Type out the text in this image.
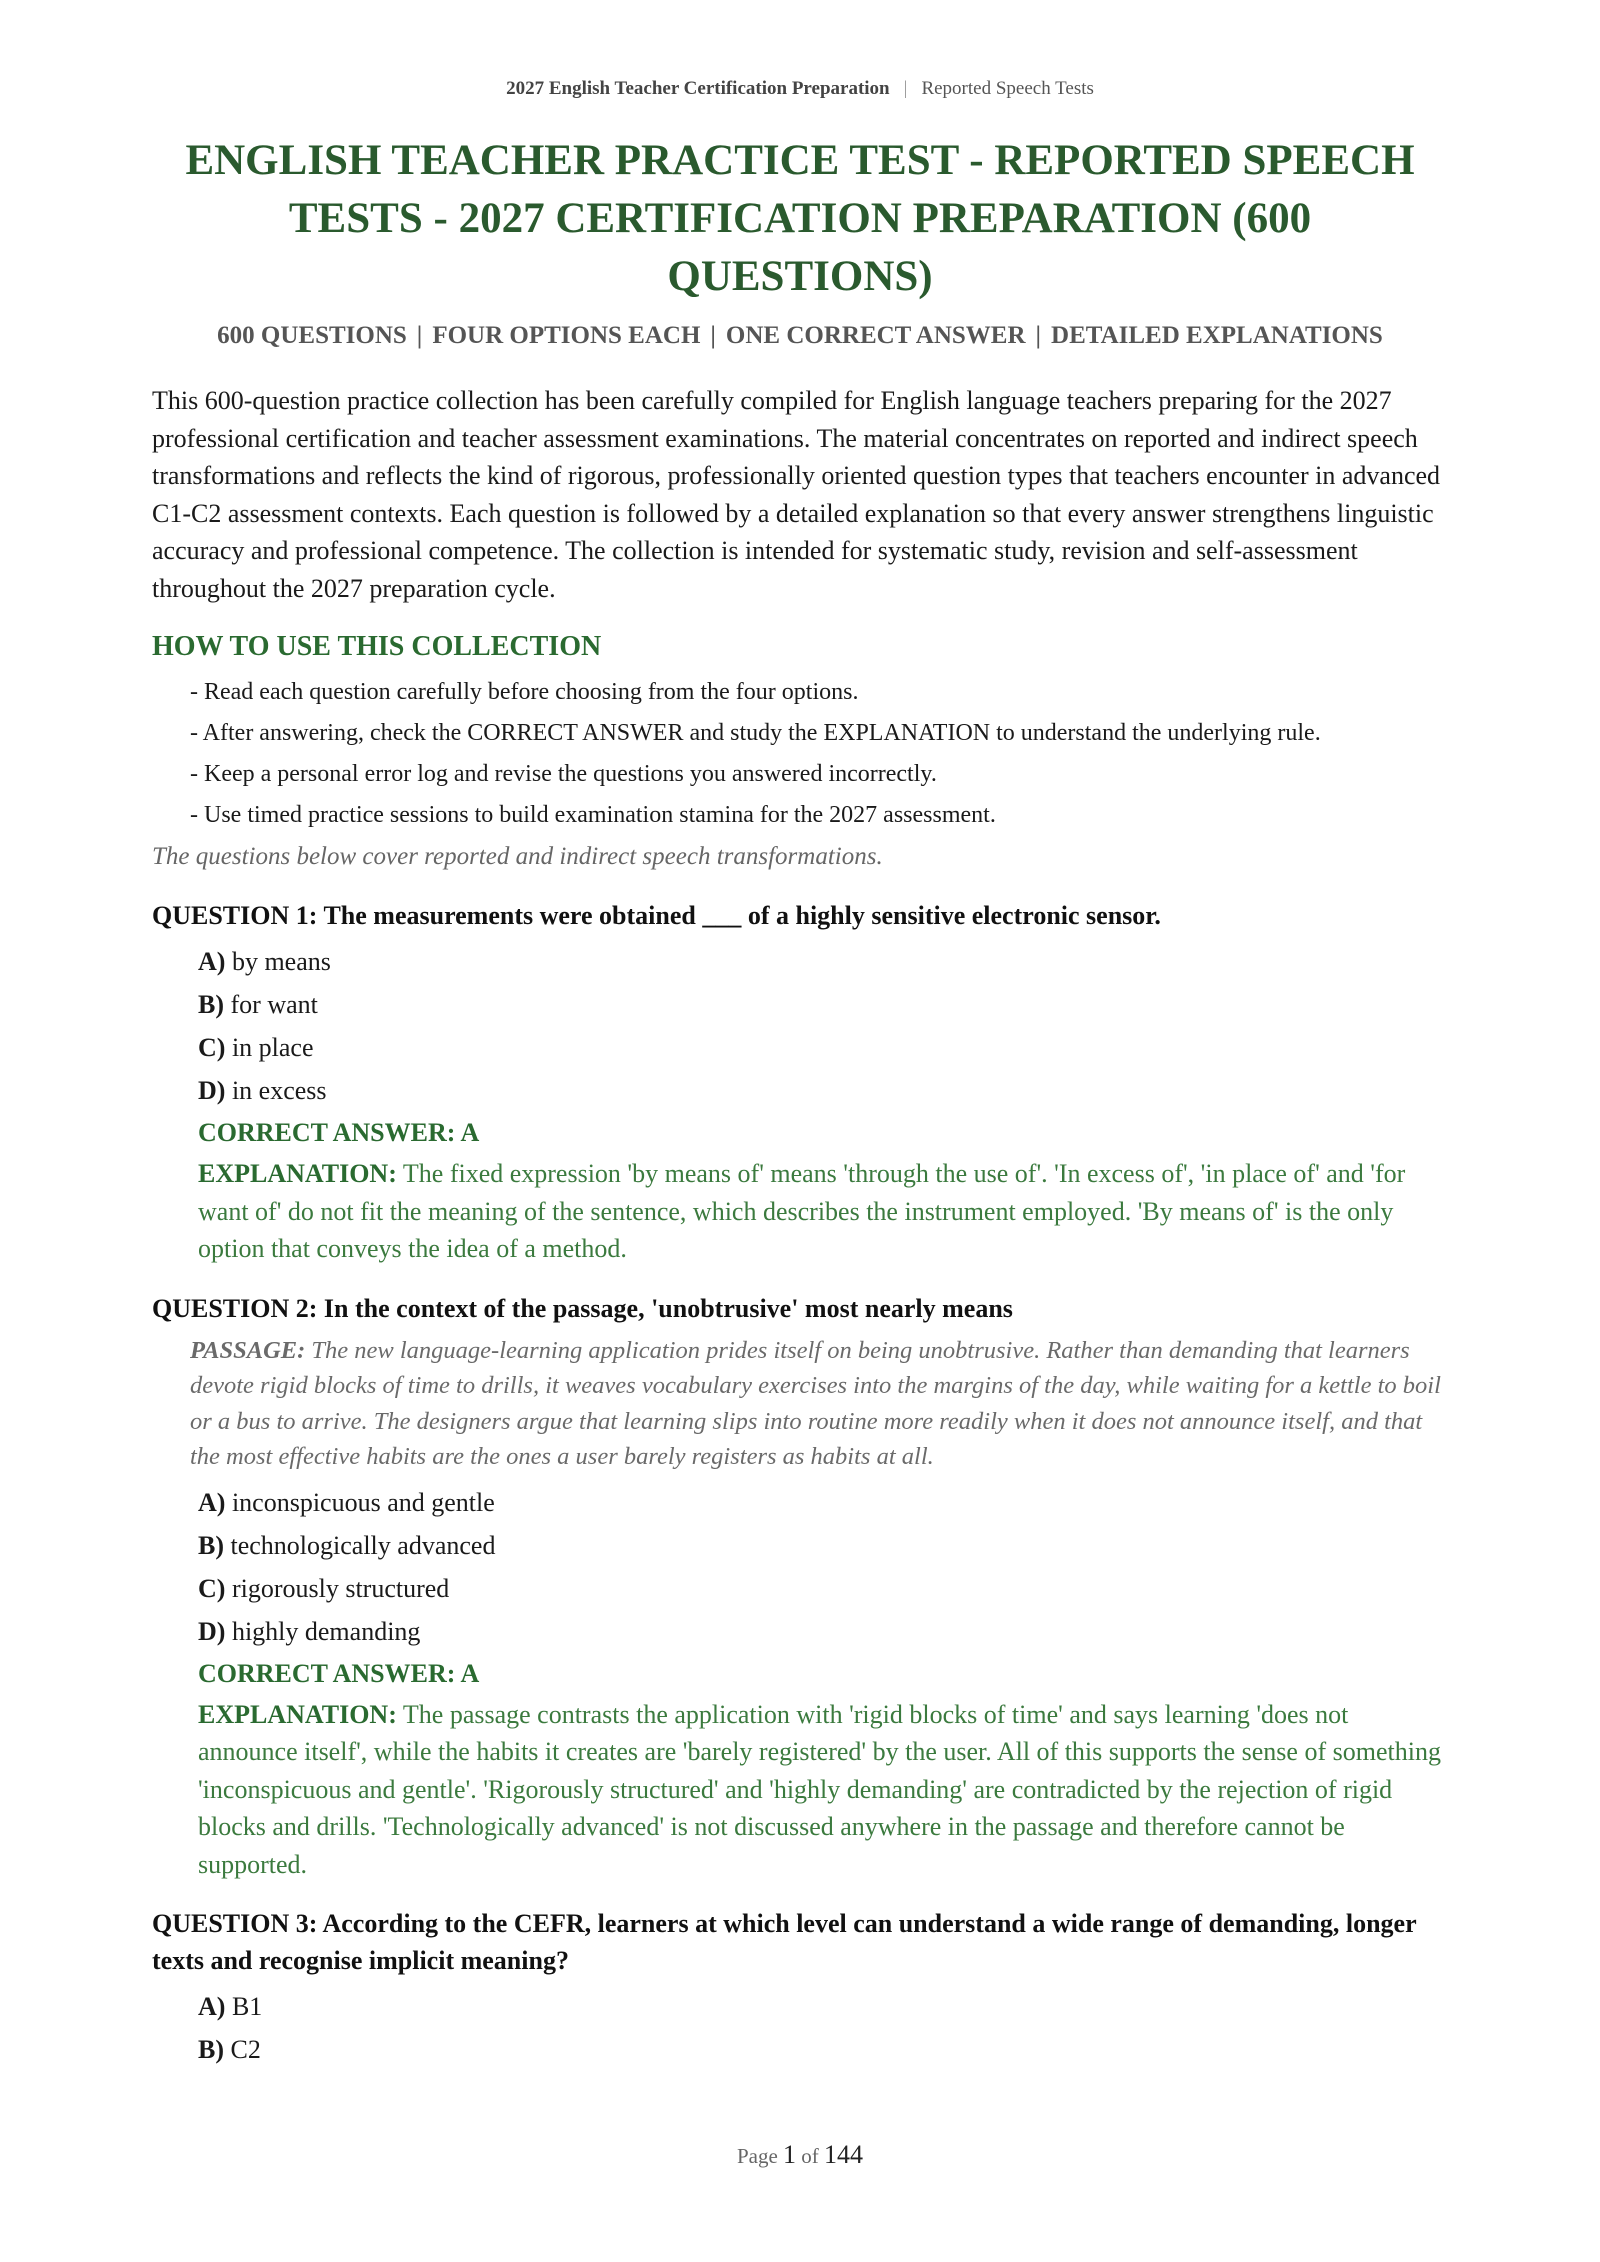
2027 English Teacher Certification Preparation | Reported Speech Tests
ENGLISH TEACHER PRACTICE TEST - REPORTED SPEECH TESTS - 2027 CERTIFICATION PREPARATION (600 QUESTIONS)
600 QUESTIONS | FOUR OPTIONS EACH | ONE CORRECT ANSWER | DETAILED EXPLANATIONS

This 600-question practice collection has been carefully compiled for English language teachers preparing for the 2027 professional certification and teacher assessment examinations. The material concentrates on reported and indirect speech transformations and reflects the kind of rigorous, professionally oriented question types that teachers encounter in advanced C1-C2 assessment contexts. Each question is followed by a detailed explanation so that every answer strengthens linguistic accuracy and professional competence. The collection is intended for systematic study, revision and self-assessment throughout the 2027 preparation cycle.

HOW TO USE THIS COLLECTION
- Read each question carefully before choosing from the four options.
- After answering, check the CORRECT ANSWER and study the EXPLANATION to understand the underlying rule.
- Keep a personal error log and revise the questions you answered incorrectly.
- Use timed practice sessions to build examination stamina for the 2027 assessment.

The questions below cover reported and indirect speech transformations.

QUESTION 1: The measurements were obtained ___ of a highly sensitive electronic sensor.
A) by means
B) for want
C) in place
D) in excess
CORRECT ANSWER: A
EXPLANATION: The fixed expression 'by means of' means 'through the use of'. 'In excess of', 'in place of' and 'for want of' do not fit the meaning of the sentence, which describes the instrument employed. 'By means of' is the only option that conveys the idea of a method.
QUESTION 2: In the context of the passage, 'unobtrusive' most nearly means
PASSAGE: The new language-learning application prides itself on being unobtrusive. Rather than demanding that learners devote rigid blocks of time to drills, it weaves vocabulary exercises into the margins of the day, while waiting for a kettle to boil or a bus to arrive. The designers argue that learning slips into routine more readily when it does not announce itself, and that the most effective habits are the ones a user barely registers as habits at all.
A) inconspicuous and gentle
B) technologically advanced
C) rigorously structured
D) highly demanding
CORRECT ANSWER: A
EXPLANATION: The passage contrasts the application with 'rigid blocks of time' and says learning 'does not announce itself', while the habits it creates are 'barely registered' by the user. All of this supports the sense of something 'inconspicuous and gentle'. 'Rigorously structured' and 'highly demanding' are contradicted by the rejection of rigid blocks and drills. 'Technologically advanced' is not discussed anywhere in the passage and therefore cannot be supported.
QUESTION 3: According to the CEFR, learners at which level can understand a wide range of demanding, longer texts and recognise implicit meaning?
A) B1
B) C2
Page 1 of 144
